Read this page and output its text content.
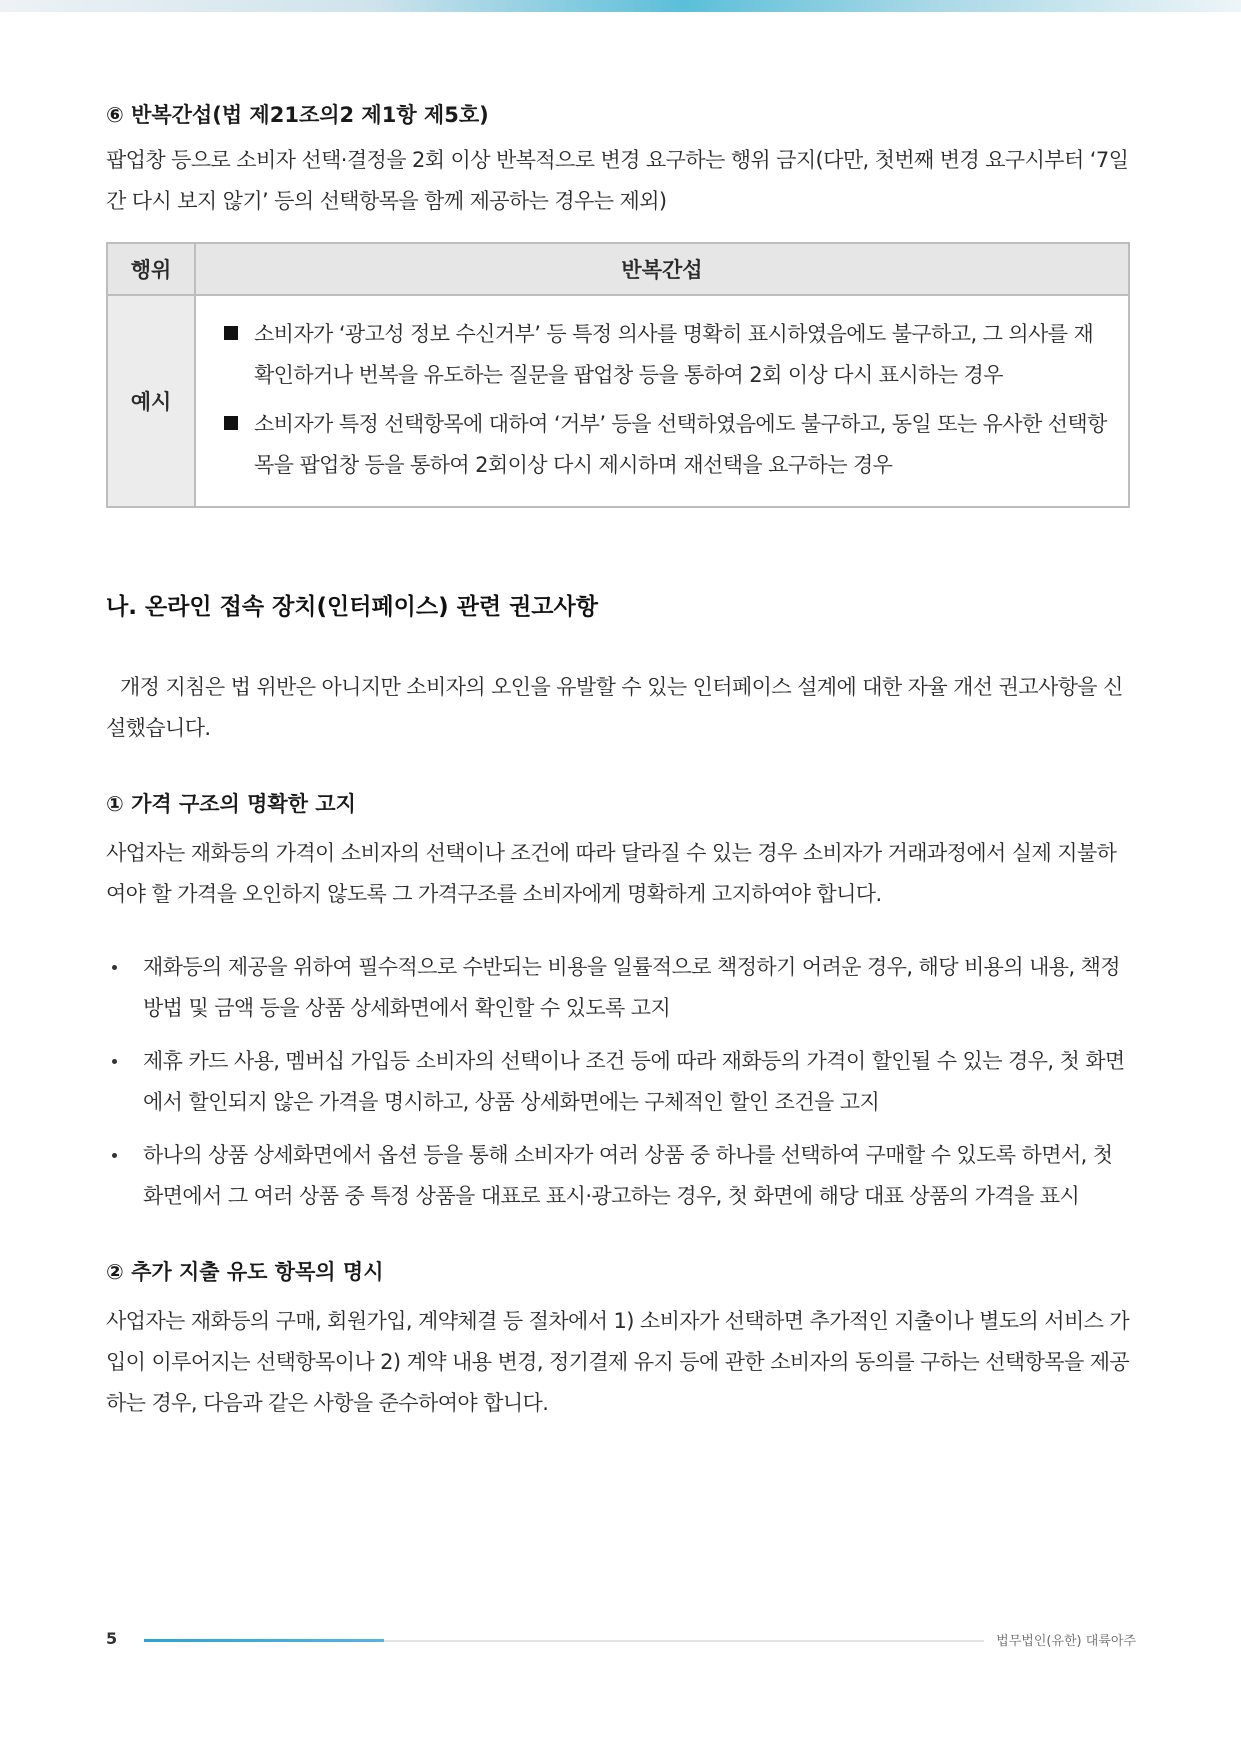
⑥ 반복간섭(법 제21조의2 제1항 제5호)

팝업창 등으로 소비자 선택·결정을 2회 이상 반복적으로 변경 요구하는 행위 금지(다만, 첫번째 변경 요구시부터 ‘7일간 다시 보지 않기’ 등의 선택항목을 함께 제공하는 경우는 제외)

행위	반복간섭
예시	소비자가 ‘광고성 정보 수신거부’ 등 특정 의사를 명확히 표시하였음에도 불구하고, 그 의사를 재확인하거나 번복을 유도하는 질문을 팝업창 등을 통하여 2회 이상 다시 표시하는 경우
소비자가 특정 선택항목에 대하여 ‘거부’ 등을 선택하였음에도 불구하고, 동일 또는 유사한 선택항목을 팝업창 등을 통하여 2회이상 다시 제시하며 재선택을 요구하는 경우
나. 온라인 접속 장치(인터페이스) 관련 권고사항

개정 지침은 법 위반은 아니지만 소비자의 오인을 유발할 수 있는 인터페이스 설계에 대한 자율 개선 권고사항을 신설했습니다.

① 가격 구조의 명확한 고지

사업자는 재화등의 가격이 소비자의 선택이나 조건에 따라 달라질 수 있는 경우 소비자가 거래과정에서 실제 지불하여야 할 가격을 오인하지 않도록 그 가격구조를 소비자에게 명확하게 고지하여야 합니다.

재화등의 제공을 위하여 필수적으로 수반되는 비용을 일률적으로 책정하기 어려운 경우, 해당 비용의 내용, 책정 방법 및 금액 등을 상품 상세화면에서 확인할 수 있도록 고지

제휴 카드 사용, 멤버십 가입등 소비자의 선택이나 조건 등에 따라 재화등의 가격이 할인될 수 있는 경우, 첫 화면에서 할인되지 않은 가격을 명시하고, 상품 상세화면에는 구체적인 할인 조건을 고지

하나의 상품 상세화면에서 옵션 등을 통해 소비자가 여러 상품 중 하나를 선택하여 구매할 수 있도록 하면서, 첫 화면에서 그 여러 상품 중 특정 상품을 대표로 표시·광고하는 경우, 첫 화면에 해당 대표 상품의 가격을 표시

② 추가 지출 유도 항목의 명시

사업자는 재화등의 구매, 회원가입, 계약체결 등 절차에서 1) 소비자가 선택하면 추가적인 지출이나 별도의 서비스 가입이 이루어지는 선택항목이나 2) 계약 내용 변경, 정기결제 유지 등에 관한 소비자의 동의를 구하는 선택항목을 제공하는 경우, 다음과 같은 사항을 준수하여야 합니다.

5	법무법인(유한) 대륙아주
